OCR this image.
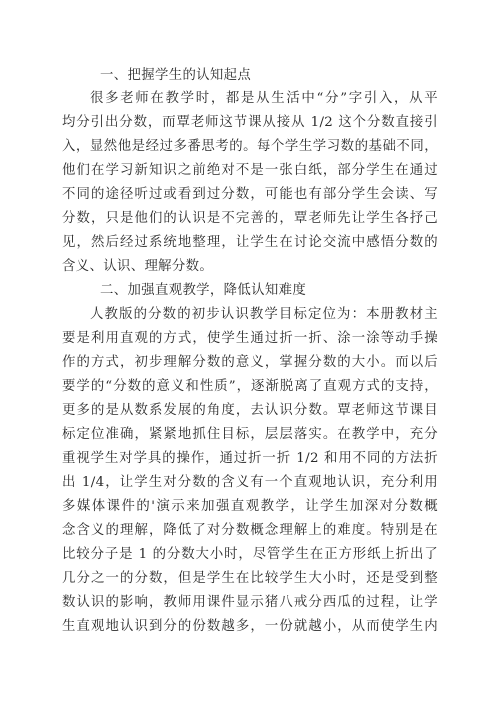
一、把握学生的认知起点
很多老师在教学时，都是从生活中“分”字引入，从平
均分引出分数，而覃老师这节课从接从 1/2 这个分数直接引
入，显然他是经过多番思考的。每个学生学习数的基础不同，
他们在学习新知识之前绝对不是一张白纸，部分学生在通过
不同的途径听过或看到过分数，可能也有部分学生会读、写
分数，只是他们的认识是不完善的，覃老师先让学生各抒己
见，然后经过系统地整理，让学生在讨论交流中感悟分数的
含义、认识、理解分数。
二、加强直观教学，降低认知难度
人教版的分数的初步认识教学目标定位为：本册教材主
要是利用直观的方式，使学生通过折一折、涂一涂等动手操
作的方式，初步理解分数的意义，掌握分数的大小。而以后
要学的“分数的意义和性质”，逐渐脱离了直观方式的支持，
更多的是从数系发展的角度，去认识分数。覃老师这节课目
标定位准确，紧紧地抓住目标，层层落实。在教学中，充分
重视学生对学具的操作，通过折一折 1/2 和用不同的方法折
出 1/4，让学生对分数的含义有一个直观地认识，充分利用
多媒体课件的'演示来加强直观教学，让学生加深对分数概
念含义的理解，降低了对分数概念理解上的难度。特别是在
比较分子是 1 的分数大小时，尽管学生在正方形纸上折出了
几分之一的分数，但是学生在比较学生大小时，还是受到整
数认识的影响，教师用课件显示猪八戒分西瓜的过程，让学
生直观地认识到分的份数越多，一份就越小，从而使学生内
